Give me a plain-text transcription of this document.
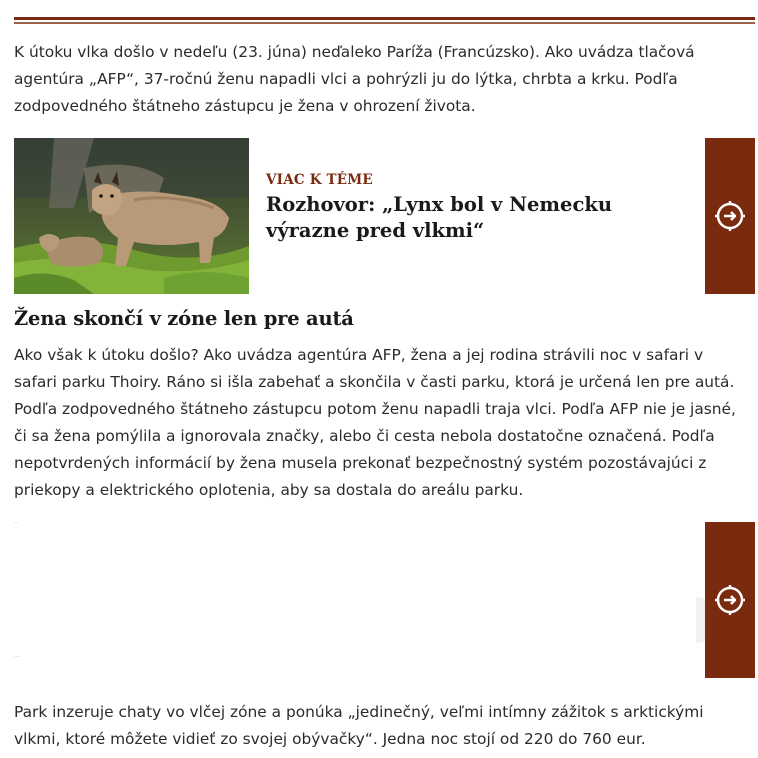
K útoku vlka došlo v nedeľu (23. júna) neďaleko Paríža (Francúzsko). Ako uvádza tlačová agentúra „AFP“, 37-ročnú ženu napadli vlci a pohrýzli ju do lýtka, chrbta a krku. Podľa zodpovedného štátneho zástupcu je žena v ohrození života.

VIAC K TÉME
Rozhovor: „Lynx bol v Nemecku výrazne pred vlkmi“
Žena skončí v zóne len pre autá

Ako však k útoku došlo? Ako uvádza agentúra AFP, žena a jej rodina strávili noc v safari v safari parku Thoiry. Ráno si išla zabehať a skončila v časti parku, ktorá je určená len pre autá. Podľa zodpovedného štátneho zástupcu potom ženu napadli traja vlci. Podľa AFP nie je jasné, či sa žena pomýlila a ignorovala značky, alebo či cesta nebola dostatočne označená. Podľa nepotvrdených informácií by žena musela prekonať bezpečnostný systém pozostávajúci z priekopy a elektrického oplotenia, aby sa dostala do areálu parku.

Park inzeruje chaty vo vlčej zóne a ponúka „jedinečný, veľmi intímny zážitok s arktickými vlkmi, ktoré môžete vidieť zo svojej obývačky“. Jedna noc stojí od 220 do 760 eur.
